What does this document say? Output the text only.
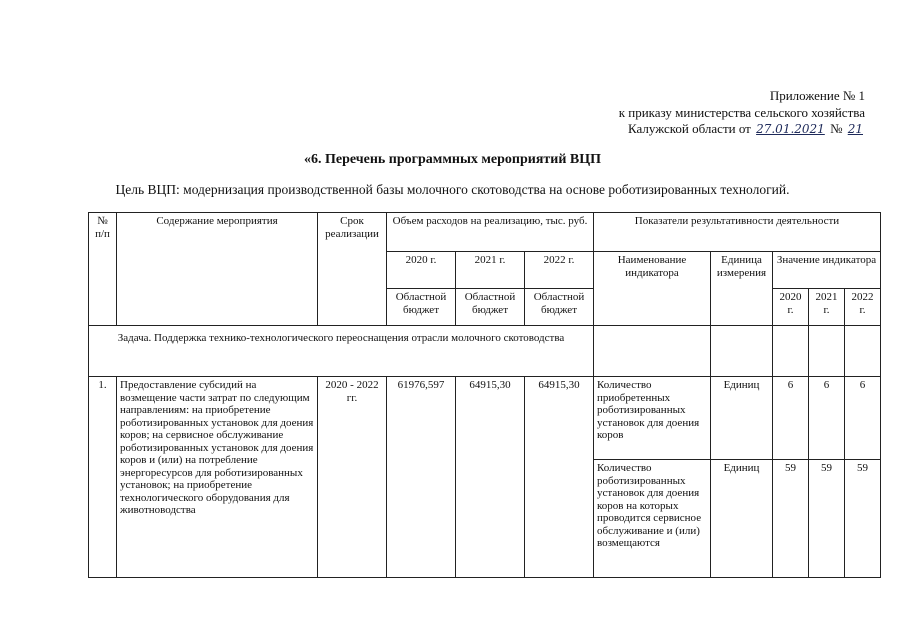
Приложение № 1
к приказу министерства сельского хозяйства
Калужской области от 27.01.2021 № 21
«6. Перечень программных мероприятий ВЦП
Цель ВЦП: модернизация производственной базы молочного скотоводства на основе роботизированных технологий.
№ п/п	Содержание мероприятия	Срок реализации	Объем расходов на реализацию, тыс. руб.			Показатели результативности деятельности				
			2020 г.	2021 г.	2022 г.	Наименование индикатора	Единица измерения	Значение индикатора		
			Областной бюджет	Областной бюджет	Областной бюджет			2020 г.	2021 г.	2022 г.
Задача. Поддержка технико-технологического переоснащения отрасли молочного скотоводства										
1.	Предоставление субсидий на возмещение части затрат по следующим направлениям: на приобретение роботизированных установок для доения коров; на сервисное обслуживание роботизированных установок для доения коров и (или) на потребление энергоресурсов для роботизированных установок; на приобретение технологического оборудования для животноводства	2020 - 2022 гг.	61976,597	64915,30	64915,30	Количество приобретенных роботизированных установок для доения коров	Единиц	6	6	6
						Количество роботизированных установок для доения коров на которых проводится сервисное обслуживание и (или) возмещаются	Единиц	59	59	59
